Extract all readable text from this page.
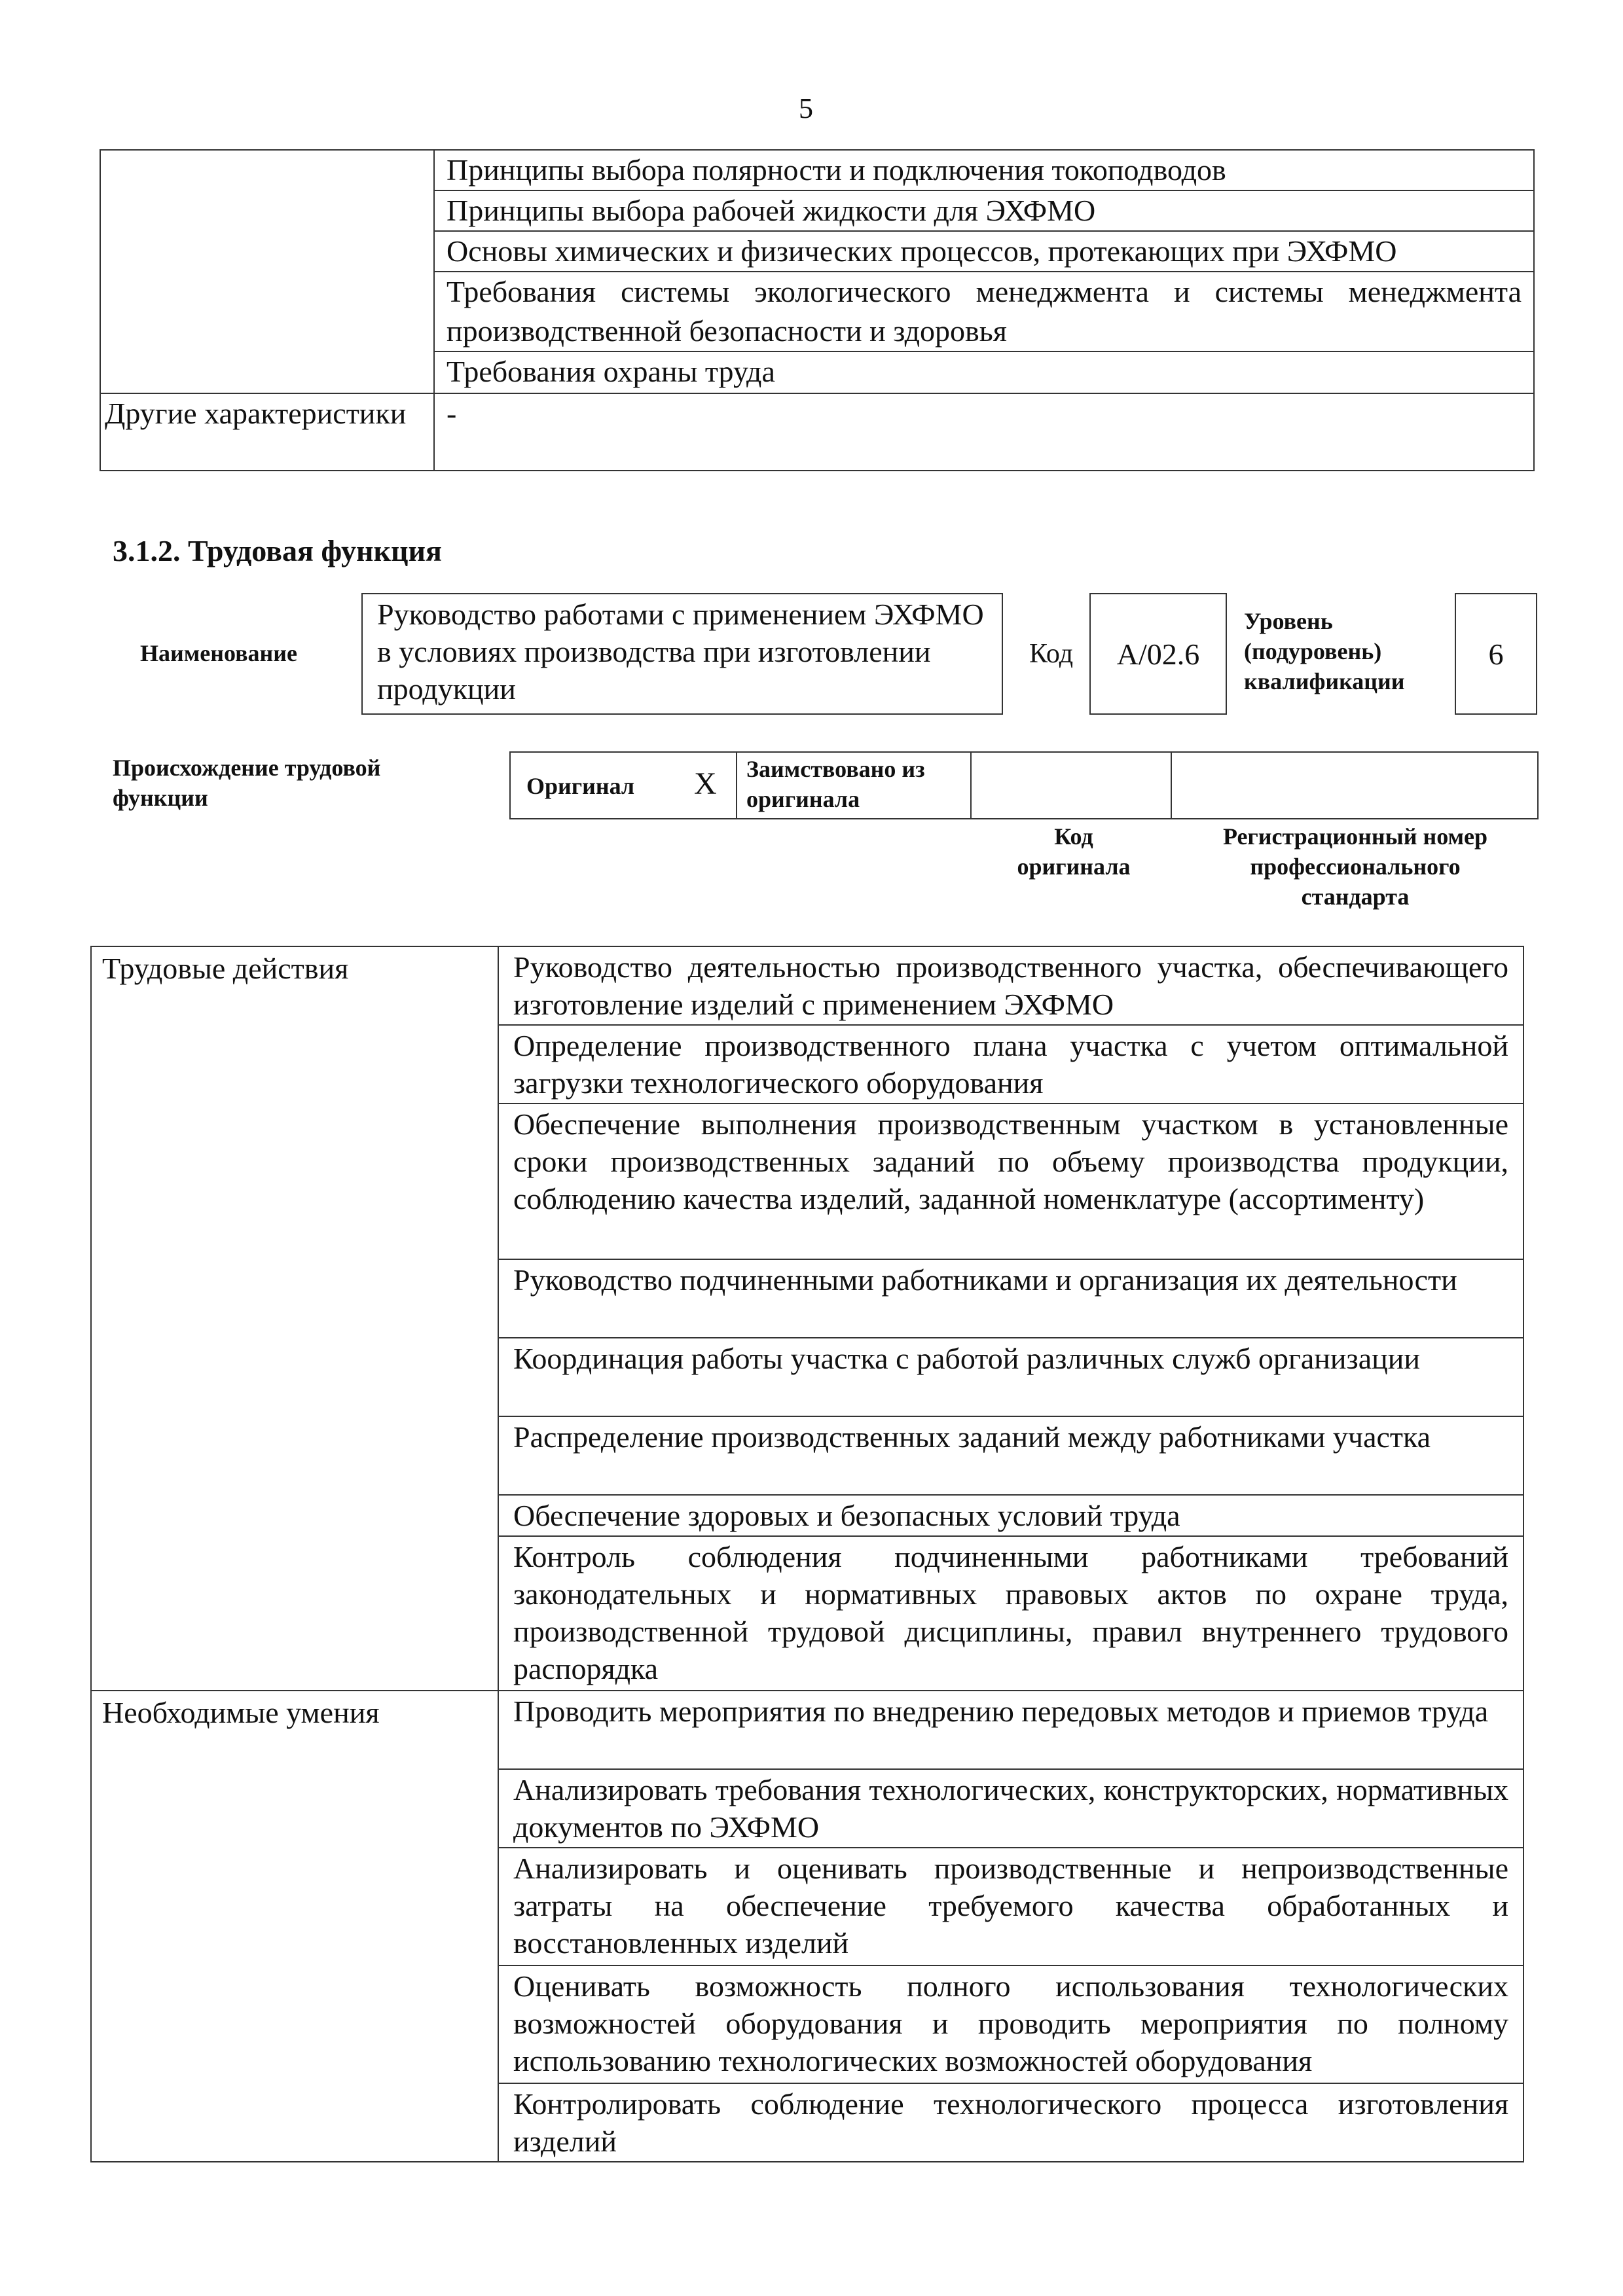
5
	Принципы выбора полярности и подключения токоподводов
	Принципы выбора рабочей жидкости для ЭХФМО
	Основы химических и физических процессов, протекающих при ЭХФМО
	Требования системы экологического менеджмента и системы менеджмента производственной безопасности и здоровья
	Требования охраны труда
Другие характеристики	-
3.1.2. Трудовая функция
Наименование
Руководство работами с применением ЭХФМО в условиях производства при изготовлении продукции
Код	А/02.6
Уровень (подуровень) квалификации
6
Происхождение трудовой функции	Оригинал X	Заимствовано из оригинала

Код оригинала
Регистрационный номер профессионального стандарта
Трудовые действия	Руководство деятельностью производственного участка, обеспечивающего изготовление изделий с применением ЭХФМО
	Определение производственного плана участка с учетом оптимальной загрузки технологического оборудования
	Обеспечение выполнения производственным участком в установленные сроки производственных заданий по объему производства продукции, соблюдению качества изделий, заданной номенклатуре (ассортименту)
	Руководство подчиненными работниками и организация их деятельности
	Координация работы участка с работой различных служб организации
	Распределение производственных заданий между работниками участка
	Обеспечение здоровых и безопасных условий труда
	Контроль соблюдения подчиненными работниками требований законодательных и нормативных правовых актов по охране труда, производственной трудовой дисциплины, правил внутреннего трудового распорядка
Необходимые умения	Проводить мероприятия по внедрению передовых методов и приемов труда
	Анализировать требования технологических, конструкторских, нормативных документов по ЭХФМО
	Анализировать и оценивать производственные и непроизводственные затраты на обеспечение требуемого качества обработанных и восстановленных изделий
	Оценивать возможность полного использования технологических возможностей оборудования и проводить мероприятия по полному использованию технологических возможностей оборудования
	Контролировать соблюдение технологического процесса изготовления изделий
